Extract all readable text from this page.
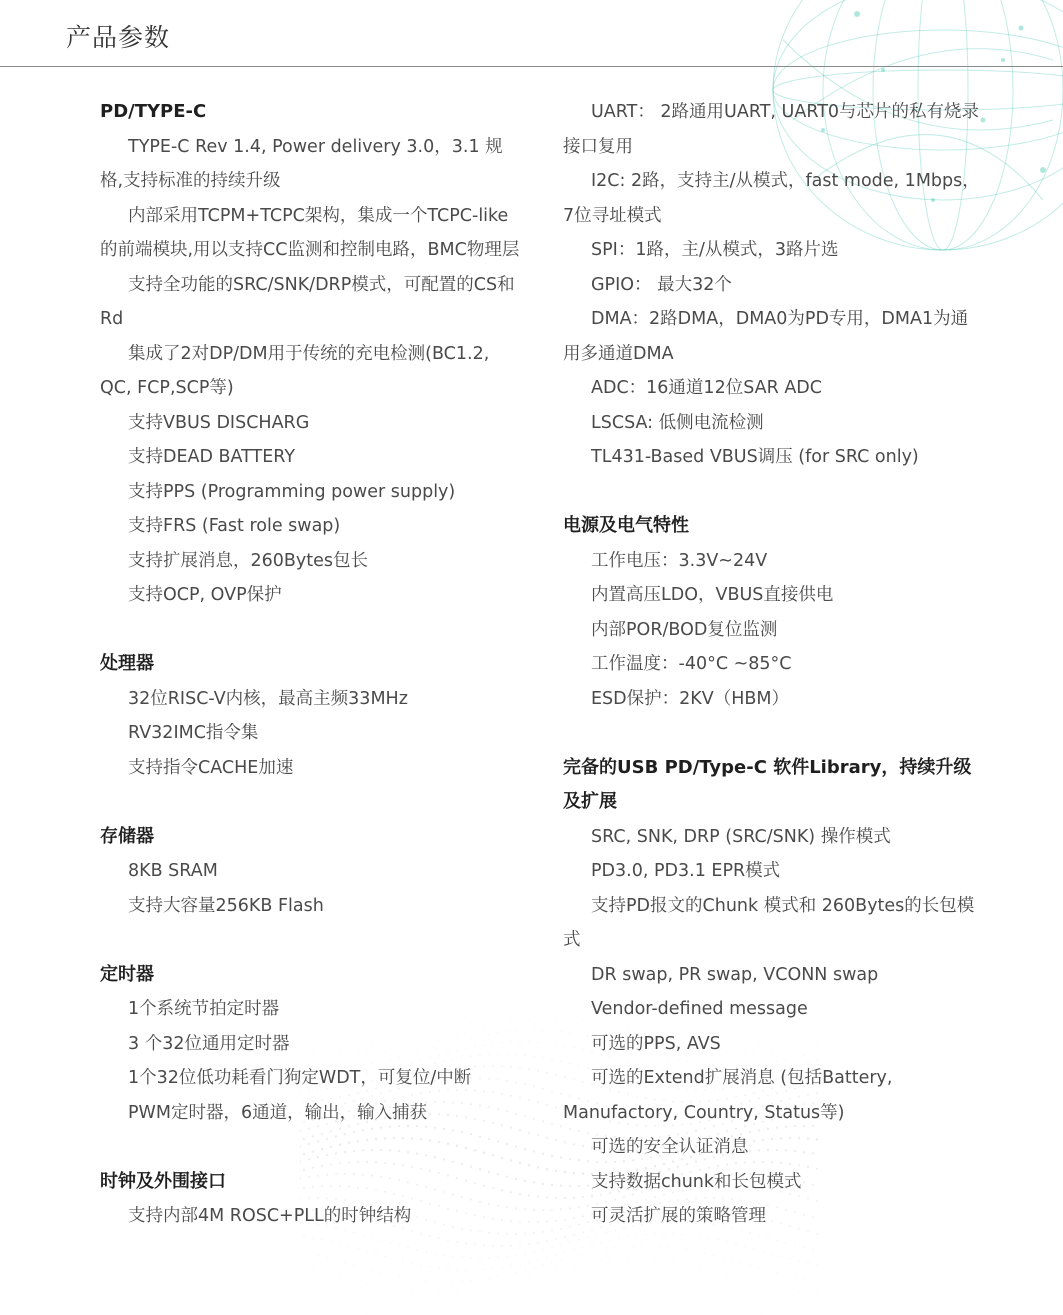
产品参数
PD/TYPE-C
TYPE-C Rev 1.4, Power delivery 3.0，3.1 规格,支持标准的持续升级
内部采用TCPM+TCPC架构，集成一个TCPC-like的前端模块,用以支持CC监测和控制电路，BMC物理层
支持全功能的SRC/SNK/DRP模式，可配置的CS和Rd
集成了2对DP/DM用于传统的充电检测(BC1.2, QC, FCP,SCP等)
支持VBUS DISCHARG
支持DEAD BATTERY
支持PPS (Programming power supply)
支持FRS (Fast role swap)
支持扩展消息，260Bytes包长
支持OCP, OVP保护
处理器
32位RISC-V内核，最高主频33MHz
RV32IMC指令集
支持指令CACHE加速
存储器
8KB SRAM
支持大容量256KB Flash
定时器
1个系统节拍定时器
3 个32位通用定时器
1个32位低功耗看门狗定WDT，可复位/中断
PWM定时器，6通道，输出，输入捕获
时钟及外围接口
支持内部4M ROSC+PLL的时钟结构
UART： 2路通用UART, UART0与芯片的私有烧录接口复用
I2C: 2路，支持主/从模式，fast mode, 1Mbps，7位寻址模式
SPI：1路，主/从模式，3路片选
GPIO： 最大32个
DMA：2路DMA，DMA0为PD专用，DMA1为通用多通道DMA
ADC：16通道12位SAR ADC
LSCSA: 低侧电流检测
TL431-Based VBUS调压 (for SRC only)
电源及电气特性
工作电压：3.3V~24V
内置高压LDO，VBUS直接供电
内部POR/BOD复位监测
工作温度：-40°C ~85°C
ESD保护：2KV（HBM）
完备的USB PD/Type-C 软件Library，持续升级及扩展
SRC, SNK, DRP (SRC/SNK) 操作模式
PD3.0, PD3.1 EPR模式
支持PD报文的Chunk 模式和 260Bytes的长包模式
DR swap, PR swap, VCONN swap
Vendor-defined message
可选的PPS, AVS
可选的Extend扩展消息 (包括Battery, Manufactory, Country, Status等)
可选的安全认证消息
支持数据chunk和长包模式
可灵活扩展的策略管理
